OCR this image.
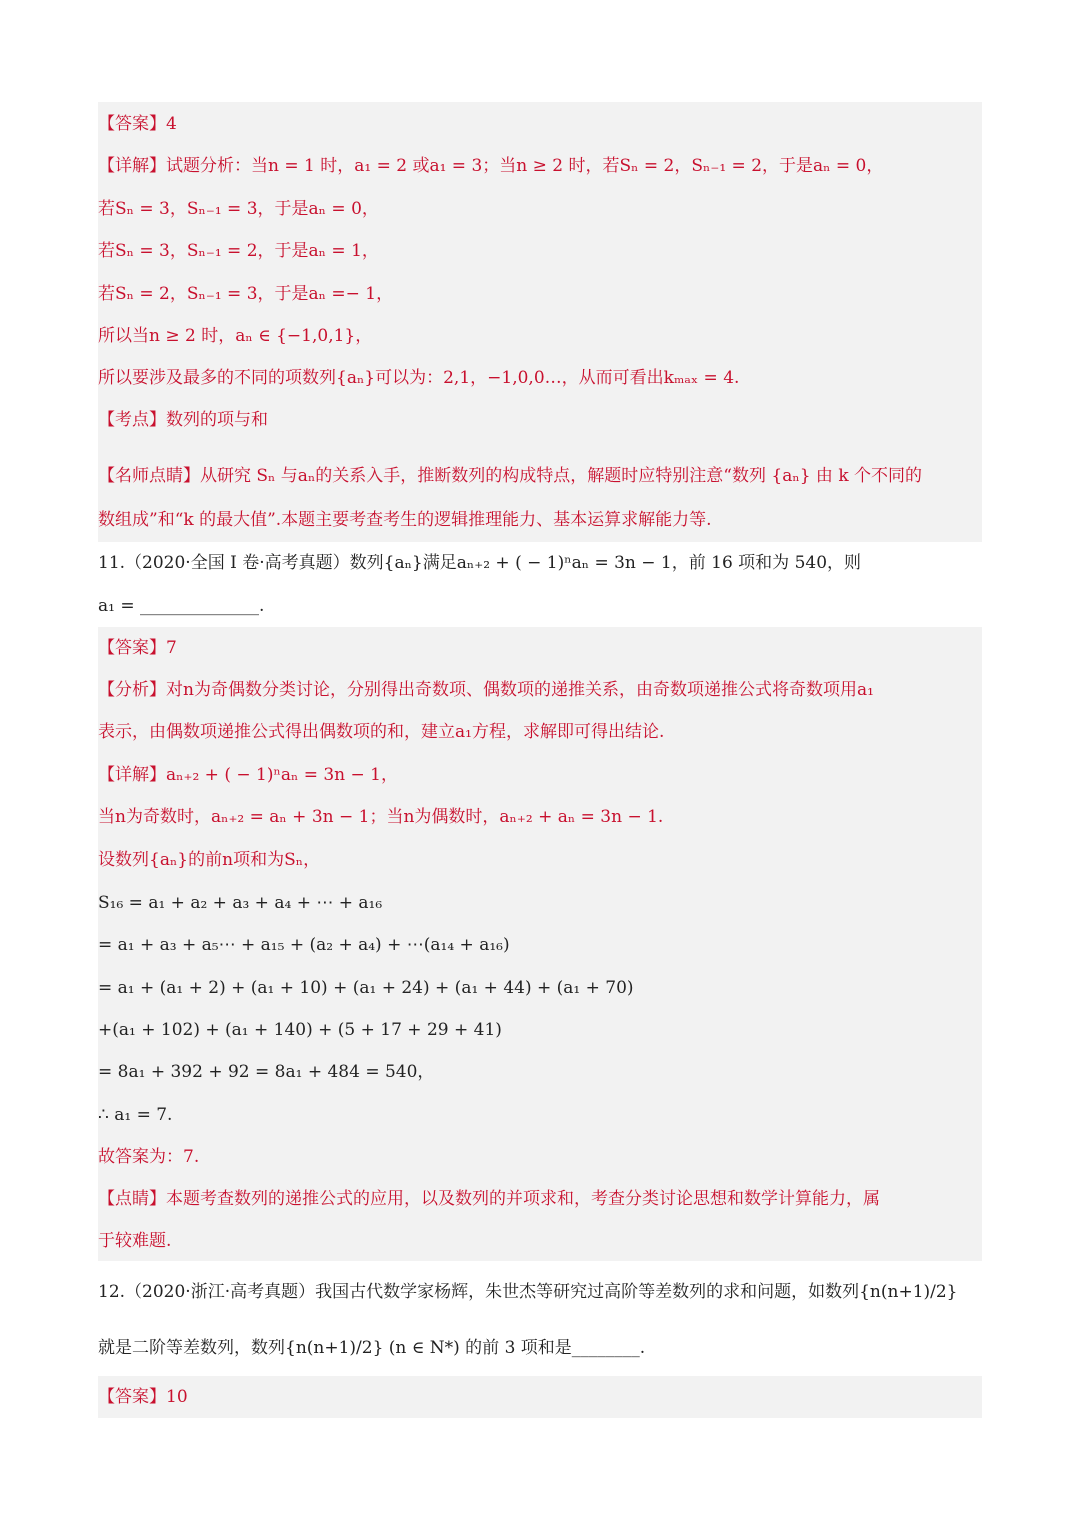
【答案】4
【详解】试题分析：当n = 1 时，a₁ = 2 或a₁ = 3；当n ≥ 2 时，若Sₙ = 2，Sₙ₋₁ = 2，于是aₙ = 0，
若Sₙ = 3，Sₙ₋₁ = 3，于是aₙ = 0，
若Sₙ = 3，Sₙ₋₁ = 2，于是aₙ = 1，
若Sₙ = 2，Sₙ₋₁ = 3，于是aₙ =− 1，
所以当n ≥ 2 时，aₙ ∈ {−1,0,1}，
所以要涉及最多的不同的项数列{aₙ}可以为：2,1，−1,0,0…，从而可看出kₘₐₓ = 4.
【考点】数列的项与和
【名师点睛】从研究 Sₙ 与aₙ的关系入手，推断数列的构成特点，解题时应特别注意“数列 {aₙ} 由 k 个不同的
数组成”和“k 的最大值”.本题主要考查考生的逻辑推理能力、基本运算求解能力等.
11.（2020·全国 I 卷·高考真题）数列{aₙ}满足aₙ₊₂ + ( − 1)ⁿaₙ = 3n − 1，前 16 项和为 540，则
a₁ = ______________.
【答案】7
【分析】对n为奇偶数分类讨论，分别得出奇数项、偶数项的递推关系，由奇数项递推公式将奇数项用a₁
表示，由偶数项递推公式得出偶数项的和，建立a₁方程，求解即可得出结论.
【详解】aₙ₊₂ + ( − 1)ⁿaₙ = 3n − 1，
当n为奇数时，aₙ₊₂ = aₙ + 3n − 1；当n为偶数时，aₙ₊₂ + aₙ = 3n − 1.
设数列{aₙ}的前n项和为Sₙ，
S₁₆ = a₁ + a₂ + a₃ + a₄ + ⋯ + a₁₆
= a₁ + a₃ + a₅⋯ + a₁₅ + (a₂ + a₄) + ⋯(a₁₄ + a₁₆)
= a₁ + (a₁ + 2) + (a₁ + 10) + (a₁ + 24) + (a₁ + 44) + (a₁ + 70)
+(a₁ + 102) + (a₁ + 140) + (5 + 17 + 29 + 41)
= 8a₁ + 392 + 92 = 8a₁ + 484 = 540，
∴ a₁ = 7.
故答案为：7.
【点睛】本题考查数列的递推公式的应用，以及数列的并项求和，考查分类讨论思想和数学计算能力，属
于较难题.
12.（2020·浙江·高考真题）我国古代数学家杨辉，朱世杰等研究过高阶等差数列的求和问题，如数列{n(n+1)/2}
就是二阶等差数列，数列{n(n+1)/2} (n ∈ N*) 的前 3 项和是________.
【答案】10
